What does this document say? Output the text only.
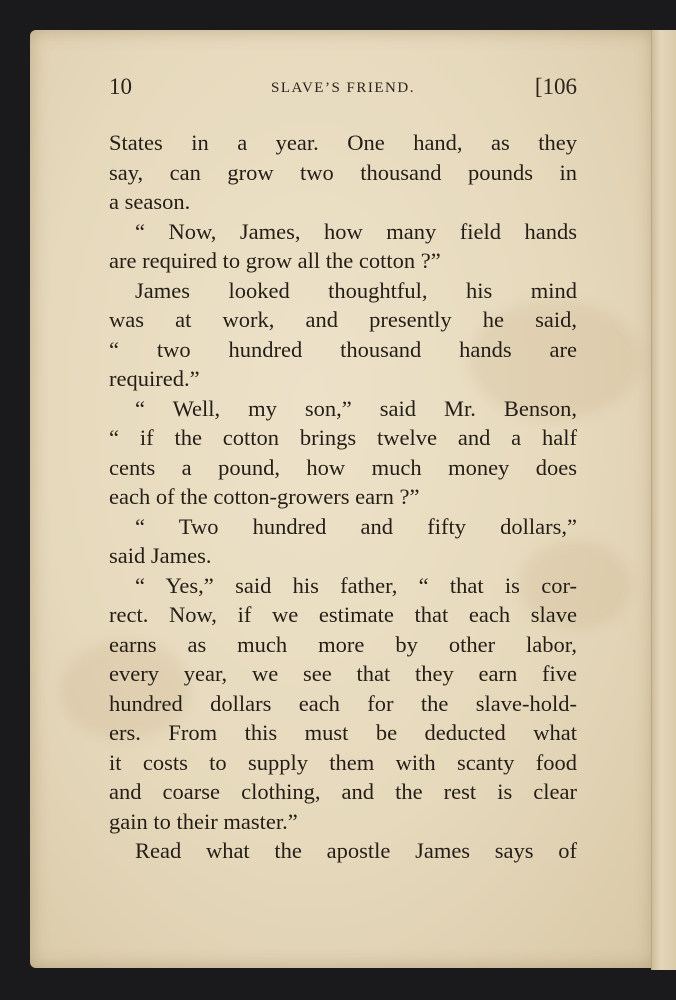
10	SLAVE’S FRIEND.	[106
States in a year. One hand, as they
say, can grow two thousand pounds in
a season.
“ Now, James, how many field hands
are required to grow all the cotton ?”
James looked thoughtful, his mind
was at work, and presently he said,
“ two hundred thousand hands are
required.”
“ Well, my son,” said Mr. Benson,
“ if the cotton brings twelve and a half
cents a pound, how much money does
each of the cotton-growers earn ?”
“ Two hundred and fifty dollars,”
said James.
“ Yes,” said his father, “ that is cor-
rect. Now, if we estimate that each slave
earns as much more by other labor,
every year, we see that they earn five
hundred dollars each for the slave-hold-
ers. From this must be deducted what
it costs to supply them with scanty food
and coarse clothing, and the rest is clear
gain to their master.”
Read what the apostle James says of
